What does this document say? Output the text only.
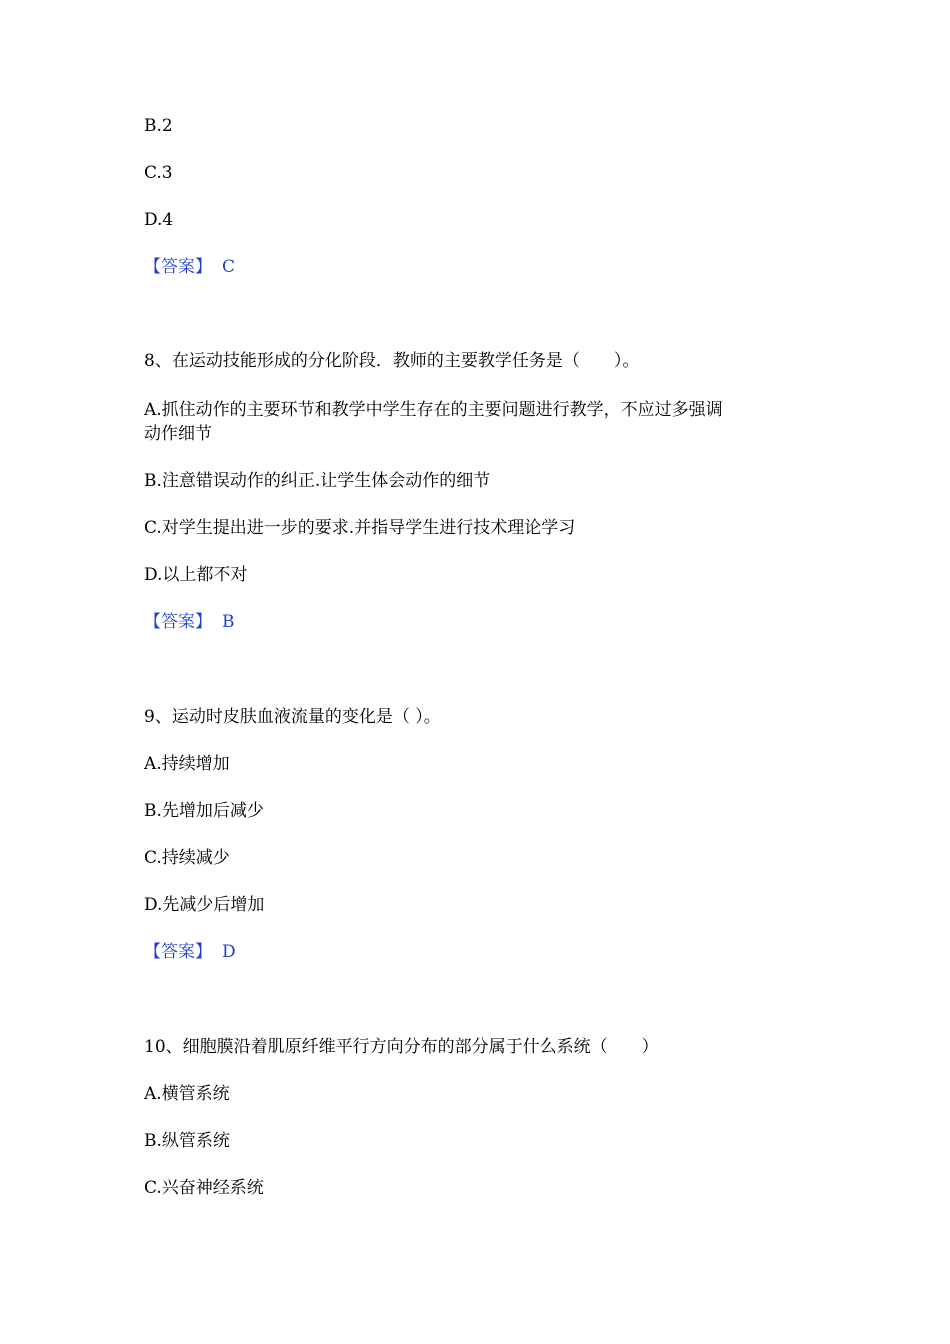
B.2
C.3
D.4
【答案】 C
8、在运动技能形成的分化阶段．教师的主要教学任务是（　　）。
A.抓住动作的主要环节和教学中学生存在的主要问题进行教学，不应过多强调
动作细节
B.注意错误动作的纠正.让学生体会动作的细节
C.对学生提出进一步的要求.并指导学生进行技术理论学习
D.以上都不对
【答案】 B
9、运动时皮肤血液流量的变化是（ ）。
A.持续增加
B.先增加后减少
C.持续减少
D.先减少后增加
【答案】 D
10、细胞膜沿着肌原纤维平行方向分布的部分属于什么系统（　　）
A.横管系统
B.纵管系统
C.兴奋神经系统
